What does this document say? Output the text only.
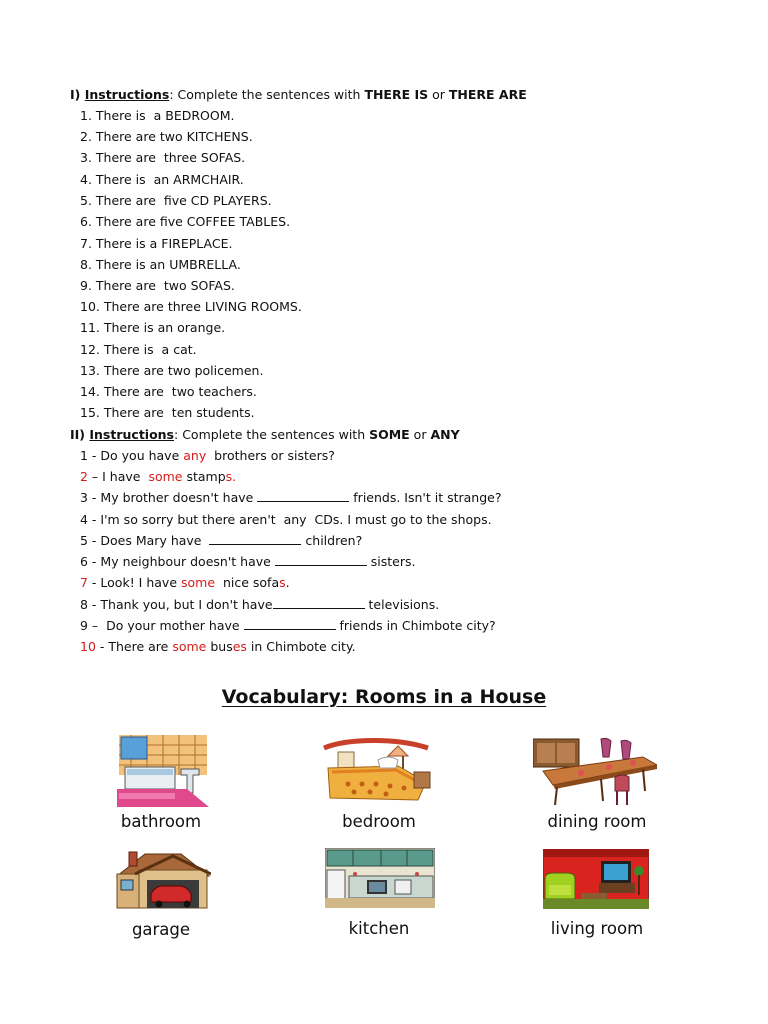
I) Instructions: Complete the sentences with THERE IS or THERE ARE
1. There is  a BEDROOM.
2. There are two KITCHENS.
3. There are  three SOFAS.
4. There is  an ARMCHAIR.
5. There are  five CD PLAYERS.
6. There are five COFFEE TABLES.
7. There is a FIREPLACE.
8. There is an UMBRELLA.
9. There are  two SOFAS.
10. There are three LIVING ROOMS.
11. There is an orange.
12. There is  a cat.
13. There are two policemen.
14. There are  two teachers.
15. There are  ten students.
II) Instructions: Complete the sentences with SOME or ANY
1 - Do you have any  brothers or sisters?
2 – I have  some stamps.
3 - My brother doesn't have	friends. Isn't it strange?
4 - I'm so sorry but there aren't  any  CDs. I must go to the shops.
5 - Does Mary have	children?
6 - My neighbour doesn't have	sisters.
7 - Look! I have some  nice sofas.
8 - Thank you, but I don't have	televisions.
9 –  Do your mother have	friends in Chimbote city?
10 - There are some buses in Chimbote city.
Vocabulary: Rooms in a House
bathroom	bedroom	dining room
garage	kitchen	living room
